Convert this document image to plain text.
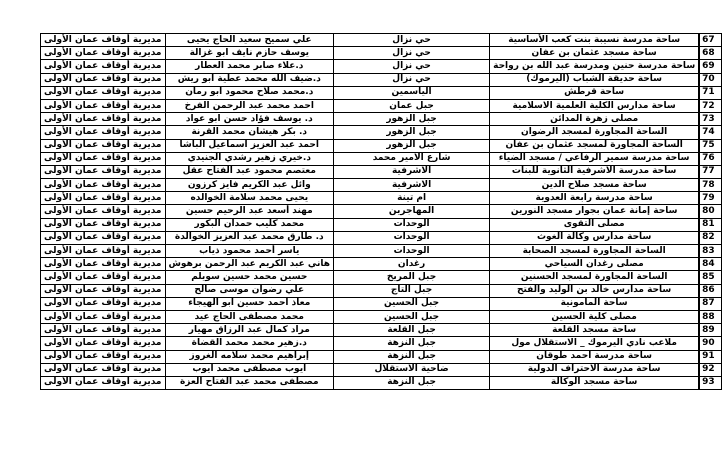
مديرية أوقاف عمان الأولى	علي سميح سعيد الحاج يحيى	حي نزال	ساحة مدرسة نسيبة بنت كعب الأساسية	67
مديرية أوقاف عمان الأولى	يوسف حازم نايف ابو غزالة	حي نزال	ساحة مسجد عثمان بن عفان	68
مديرية أوقاف عمان الأولى	د.علاء صابر محمد العطار	حي نزال	ساحة مدرسة حنين ومدرسة عبد الله بن رواحة	69
مديرية أوقاف عمان الأولى	د.ضيف الله محمد عطية ابو ريش	حي نزال	ساحة حديقة الشباب (اليرموك)	70
مديرية أوقاف عمان الأولى	د.محمد صلاح محمود ابو رمان	الياسمين	ساحة قرطش	71
مديرية أوقاف عمان الأولى	احمد محمد عبد الرحمن الفرخ	جبل عمان	ساحة مدارس الكلية العلمية الاسلامية	72
مديرية أوقاف عمان الأولى	د. يوسف فؤاد حسن ابو عواد	جبل الزهور	مصلى زهرة المدائن	73
مديرية أوقاف عمان الأولى	د. بكر هيشان محمد القرنة	جبل الزهور	الساحة المجاورة لمسجد الرضوان	74
مديرية أوقاف عمان الأولى	احمد عبد العزيز اسماعيل الباشا	جبل الزهور	الساحة المجاورة لمسجد عثمان بن عفان	75
مديرية أوقاف عمان الأولى	د.خيري زهير رشدي الجنيدي	شارع الامير محمد	ساحة مدرسة سمير الرفاعي / مسجد الضياء	76
مديرية أوقاف عمان الأولى	معتصم محمود عبد الفتاح عقل	الاشرفية	ساحة مدرسة الاشرفية الثانوية للبنات	77
مديرية أوقاف عمان الأولى	وائل عبد الكريم فايز كرزون	الاشرفية	ساحة مسجد صلاح الدين	78
مديرية أوقاف عمان الأولى	يحيى محمد سلامة الخوالده	ام تينة	ساحة مدرسة رابعة العدوية	79
مديرية أوقاف عمان الأولى	مهند أسعد عبد الرحيم حسين	المهاجرين	ساحة إمانة عمان بجوار مسجد النورين	80
مديرية أوقاف عمان الأولى	محمد كليب حمدان البكور	الوحدات	مصلى التقوى	81
مديرية أوقاف عمان الأولى	د. طارق محمد عبد العزيز الخوالدة	الوحدات	ساحة مدارس وكالة الغوث	82
مديرية أوقاف عمان الأولى	ياسر أحمد محمود ذياب	الوحدات	الساحة المجاورة لمسجد الصحابة	83
مديرية أوقاف عمان الأولى	هاني عبد الكريم عبد الرحمن برهوش	رغدان	مصلى رغدان السياحي	84
مديرية أوقاف عمان الأولى	حسين محمد حسين سويلم	جبل المريخ	الساحة المجاورة لمسجد الحسنين	85
مديرية أوقاف عمان الأولى	علي رضوان موسى صالح	جبل التاج	ساحة مدارس خالد بن الوليد والفتح	86
مديرية أوقاف عمان الأولى	معاذ احمد حسين ابو الهيجاء	جبل الحسين	ساحة المامونية	87
مديرية أوقاف عمان الأولى	محمد مصطفى الحاج عيد	جبل الحسين	مصلى كلية الحسين	88
مديرية أوقاف عمان الأولى	مراد كمال عبد الرزاق مهيار	جبل القلعة	ساحة مسجد القلعة	89
مديرية أوقاف عمان الأولى	د.زهير محمد محمد القضاة	جبل النزهة	ملاعب نادي اليرموك _ الاستقلال مول	90
مديرية أوقاف عمان الأولى	إبراهيم محمد سلامه الغروز	جبل النزهة	ساحة مدرسة احمد طوقان	91
مديرية أوقاف عمان الأولى	ايوب مصطفى محمد ايوب	ضاحية الاستقلال	ساحة مدرسة الاحتراف الدولية	92
مديرية أوقاف عمان الأولى	مصطفى محمد عبد الفتاح العزة	جبل النزهة	ساحة مسجد الوكالة	93
